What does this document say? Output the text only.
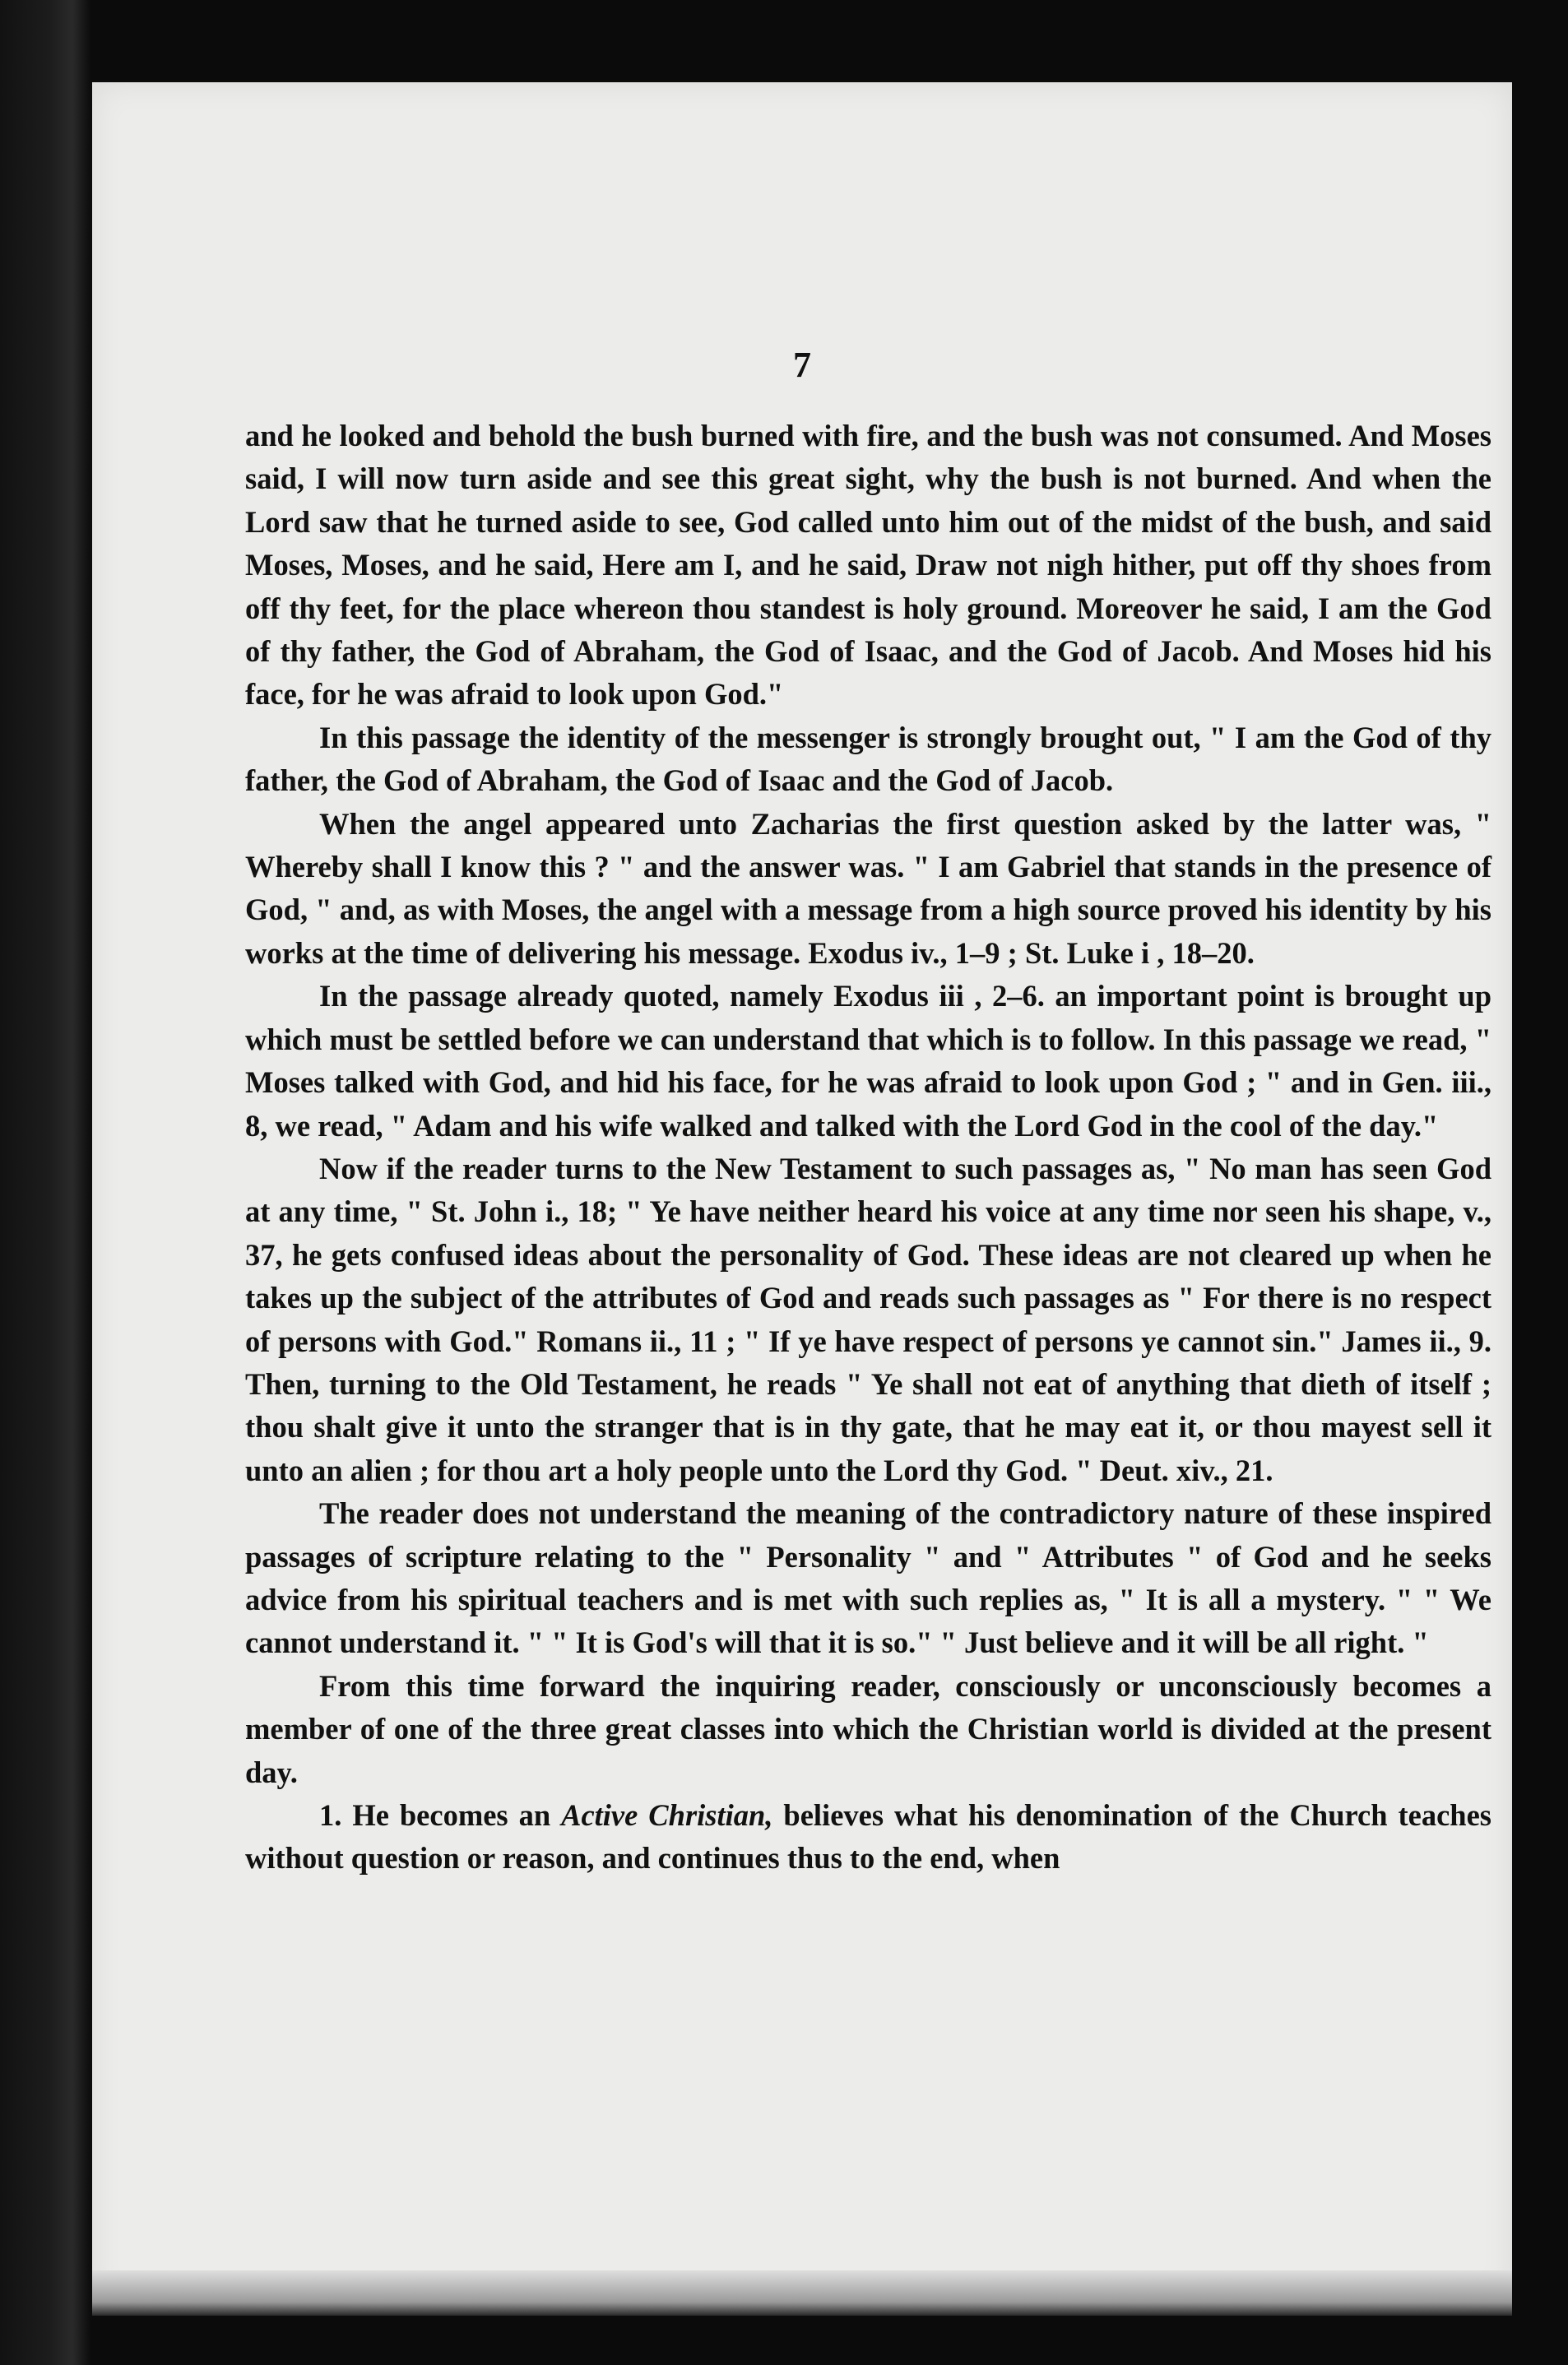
7

and he looked and behold the bush burned with fire, and the bush was not consumed. And Moses said, I will now turn aside and see this great sight, why the bush is not burned. And when the Lord saw that he turned aside to see, God called unto him out of the midst of the bush, and said Moses, Moses, and he said, Here am I, and he said, Draw not nigh hither, put off thy shoes from off thy feet, for the place whereon thou standest is holy ground. Moreover he said, I am the God of thy father, the God of Abraham, the God of Isaac, and the God of Jacob. And Moses hid his face, for he was afraid to look upon God."

In this passage the identity of the messenger is strongly brought out, " I am the God of thy father, the God of Abraham, the God of Isaac and the God of Jacob.

When the angel appeared unto Zacharias the first question asked by the latter was, " Whereby shall I know this ? " and the answer was. " I am Gabriel that stands in the presence of God, " and, as with Moses, the angel with a message from a high source proved his identity by his works at the time of delivering his message. Exodus iv., 1–9 ; St. Luke i , 18–20.

In the passage already quoted, namely Exodus iii , 2–6. an important point is brought up which must be settled before we can understand that which is to follow. In this passage we read, " Moses talked with God, and hid his face, for he was afraid to look upon God ; " and in Gen. iii., 8, we read, " Adam and his wife walked and talked with the Lord God in the cool of the day."

Now if the reader turns to the New Testament to such passages as, " No man has seen God at any time, " St. John i., 18; " Ye have neither heard his voice at any time nor seen his shape, v., 37, he gets confused ideas about the personality of God. These ideas are not cleared up when he takes up the subject of the attributes of God and reads such passages as " For there is no respect of persons with God." Romans ii., 11 ; " If ye have respect of persons ye cannot sin." James ii., 9. Then, turning to the Old Testament, he reads " Ye shall not eat of anything that dieth of itself ; thou shalt give it unto the stranger that is in thy gate, that he may eat it, or thou mayest sell it unto an alien ; for thou art a holy people unto the Lord thy God. " Deut. xiv., 21.

The reader does not understand the meaning of the contradictory nature of these inspired passages of scripture relating to the " Personality " and " Attributes " of God and he seeks advice from his spiritual teachers and is met with such replies as, " It is all a mystery. " " We cannot understand it. " " It is God's will that it is so." " Just believe and it will be all right. "

From this time forward the inquiring reader, consciously or unconsciously becomes a member of one of the three great classes into which the Christian world is divided at the present day.

1. He becomes an Active Christian, believes what his denomination of the Church teaches without question or reason, and continues thus to the end, when
